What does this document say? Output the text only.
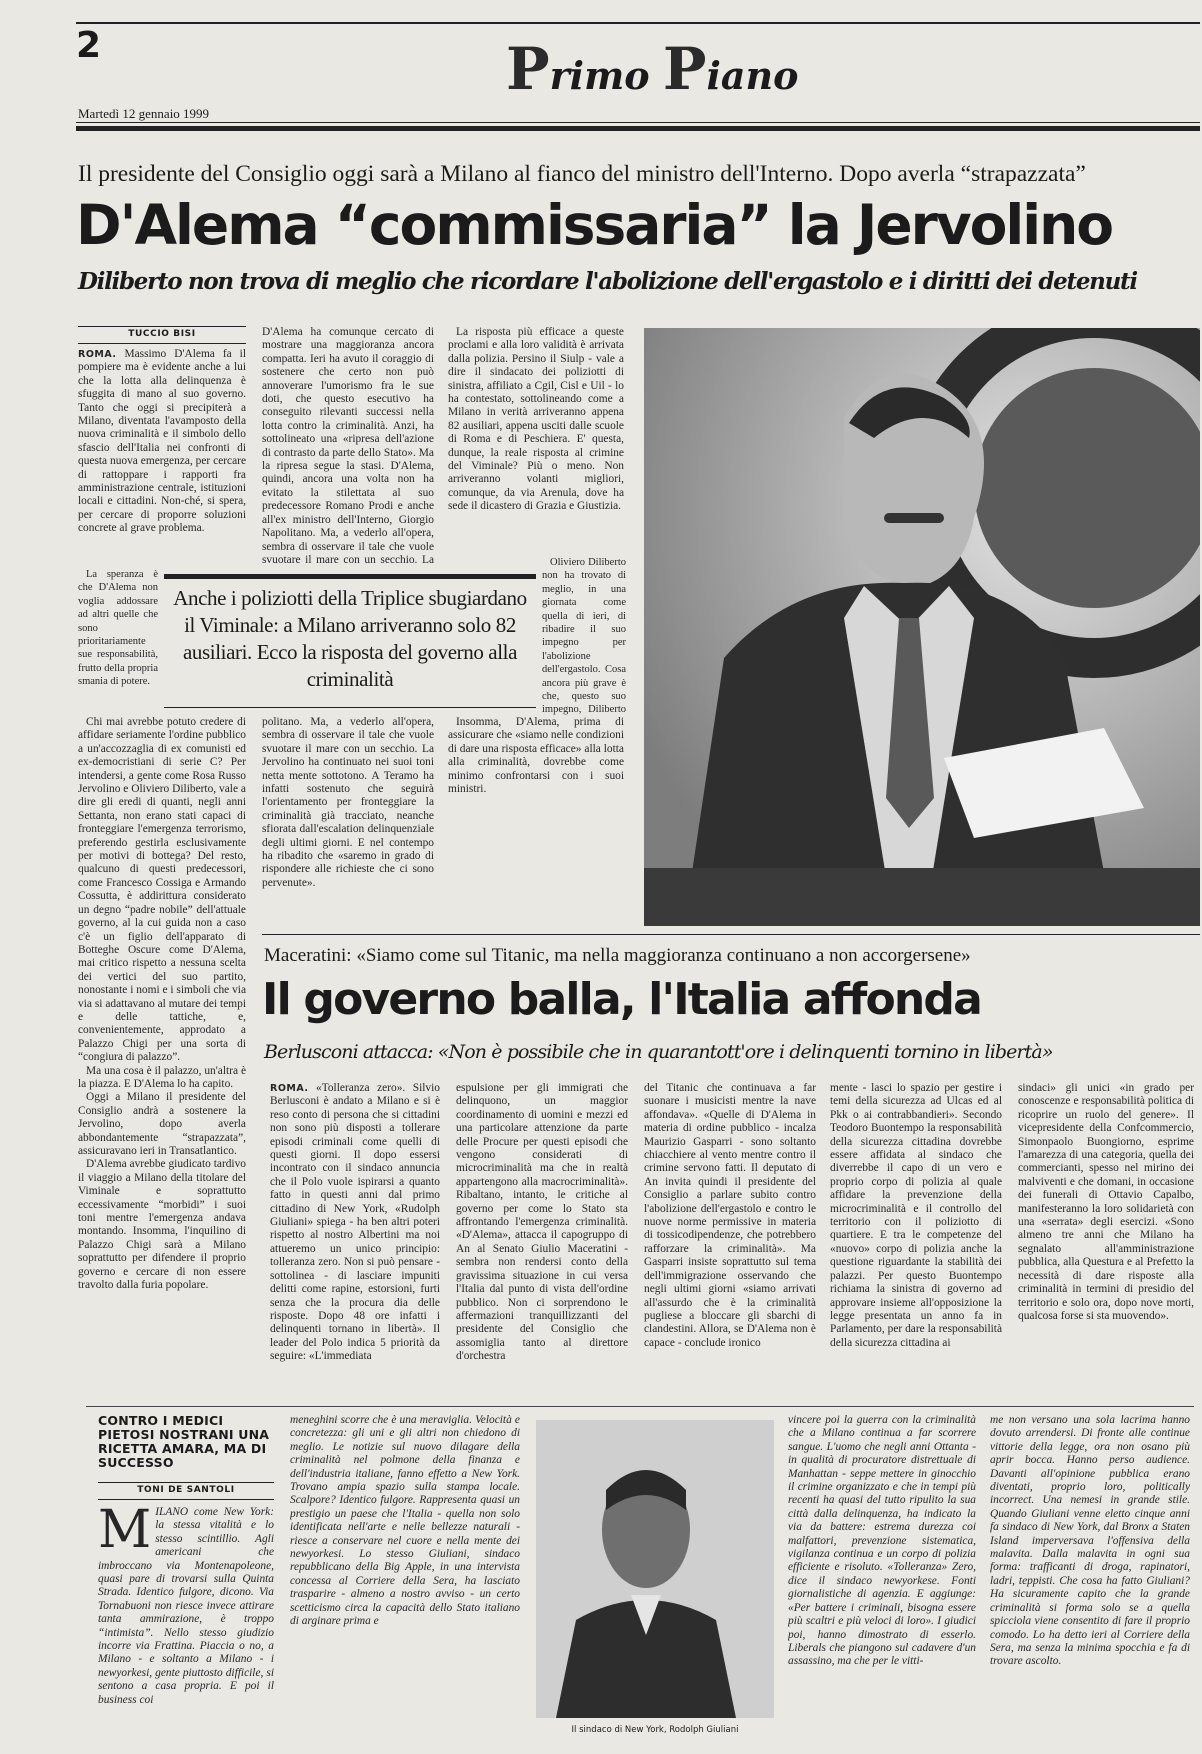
2	Primo Piano
Martedì 12 gennaio 1999
Il presidente del Consiglio oggi sarà a Milano al fianco del ministro dell'Interno. Dopo averla “strapazzata”
D'Alema “commissaria” la Jervolino
Diliberto non trova di meglio che ricordare l'abolizione dell'ergastolo e i diritti dei detenuti
TUCCIO BISI

ROMA. Massimo D'Alema fa il pompiere ma è evidente anche a lui che la lotta alla delinquenza è sfuggita di mano al suo governo. Tanto che oggi si precipiterà a Milano, diventata l'avamposto della nuova criminalità e il simbolo dello sfascio dell'Italia nei confronti di questa nuova emergenza, per cercare di rattoppare i rapporti fra amministrazione centrale, istituzioni locali e cittadini. Non-ché, si spera, per cercare di proporre soluzioni concrete al grave problema.

La speranza è che D'Alema non voglia addossare ad altri quelle che sono prioritariamente sue responsabilità, frutto della propria smania di potere.

Chi mai avrebbe potuto credere di affidare seriamente l'ordine pubblico a un'accozzaglia di ex comunisti ed ex-democristiani di serie C? Per intendersi, a gente come Rosa Russo Jervolino e Oliviero Diliberto, vale a dire gli eredi di quanti, negli anni Settanta, non erano stati capaci di fronteggiare l'emergenza terrorismo, preferendo gestirla esclusivamente per motivi di bottega? Del resto, qualcuno di questi predecessori, come Francesco Cossiga e Armando Cossutta, è addirittura considerato un degno “padre nobile” dell'attuale governo, al la cui guida non a caso c'è un figlio dell'apparato di Botteghe Oscure come D'Alema, mai critico rispetto a nessuna scelta dei vertici del suo partito, nonostante i nomi e i simboli che via via si adattavano al mutare dei tempi e delle tattiche, e, convenientemente, approdato a Palazzo Chigi per una sorta di “congiura di palazzo”.

Ma una cosa è il palazzo, un'altra è la piazza. E D'Alema lo ha capito.

Oggi a Milano il presidente del Consiglio andrà a sostenere la Jervolino, dopo averla abbondantemente “strapazzata”, assicuravano ieri in Transatlantico.

D'Alema avrebbe giudicato tardivo il viaggio a Milano della titolare del Viminale e soprattutto eccessivamente “morbidi” i suoi toni mentre l'emergenza andava montando. Insomma, l'inquilino di Palazzo Chigi sarà a Milano soprattutto per difendere il proprio governo e cercare di non essere travolto dalla furia popolare.

D'Alema ha comunque cercato di mostrare una maggioranza ancora compatta. Ieri ha avuto il coraggio di sostenere che certo non può annoverare l'umorismo fra le sue doti, che questo esecutivo ha conseguito rilevanti successi nella lotta contro la criminalità. Anzi, ha sottolineato una «ripresa dell'azione di contrasto da parte dello Stato». Ma la ripresa segue la stasi. D'Alema, quindi, ancora una volta non ha evitato la stilettata al suo predecessore Romano Prodi e anche all'ex ministro dell'Interno, Giorgio Napolitano. Ma, a vederlo all'opera, sembra di osservare il tale che vuole svuotare il mare con un secchio. La

politano. Ma, a vederlo all'opera, sembra di osservare il tale che vuole svuotare il mare con un secchio. La Jervolino ha continuato nei suoi toni netta mente sottotono. A Teramo ha infatti sostenuto che seguirà l'orientamento per fronteggiare la criminalità già tracciato, neanche sfiorata dall'escalation delinquenziale degli ultimi giorni. E nel contempo ha ribadito che «saremo in grado di rispondere alle richieste che ci sono pervenute».

La risposta più efficace a queste proclami e alla loro validità è arrivata dalla polizia. Persino il Siulp - vale a dire il sindacato dei poliziotti di sinistra, affiliato a Cgil, Cisl e Uil - lo ha contestato, sottolineando come a Milano in verità arriveranno appena 82 ausiliari, appena usciti dalle scuole di Roma e di Peschiera. E' questa, dunque, la reale risposta al crimine del Viminale? Più o meno. Non arriveranno volanti migliori, comunque, da via Arenula, dove ha sede il dicastero di Grazia e Giustizia.

Oliviero Diliberto non ha trovato di meglio, in una giornata come quella di ieri, di ribadire il suo impegno per l'abolizione dell'ergastolo. Cosa ancora più grave è che, questo suo impegno, Diliberto

Insomma, D'Alema, prima di assicurare che «siamo nelle condizioni di dare una risposta efficace» alla lotta alla criminalità, dovrebbe come minimo confrontarsi con i suoi ministri.

Anche i poliziotti della Triplice sbugiardano il Viminale: a Milano arriveranno solo 82 ausiliari. Ecco la risposta del governo alla criminalità
Maceratini: «Siamo come sul Titanic, ma nella maggioranza continuano a non accorgersene»
Il governo balla, l'Italia affonda
Berlusconi attacca: «Non è possibile che in quarantott'ore i delinquenti tornino in libertà»

ROMA. «Tolleranza zero». Silvio Berlusconi è andato a Milano e si è reso conto di persona che si cittadini non sono più disposti a tollerare episodi criminali come quelli di questi giorni. Il dopo essersi incontrato con il sindaco annuncia che il Polo vuole ispirarsi a quanto fatto in questi anni dal primo cittadino di New York, «Rudolph Giuliani» spiega - ha ben altri poteri rispetto al nostro Albertini ma noi attueremo un unico principio: tolleranza zero. Non si può pensare - sottolinea - di lasciare impuniti delitti come rapine, estorsioni, furti senza che la procura dia delle risposte. Dopo 48 ore infatti i delinquenti tornano in libertà». Il leader del Polo indica 5 priorità da seguire: «L'immediata

espulsione per gli immigrati che delinquono, un maggior coordinamento di uomini e mezzi ed una particolare attenzione da parte delle Procure per questi episodi che vengono considerati di microcriminalità ma che in realtà appartengono alla macrocriminalità». Ribaltano, intanto, le critiche al governo per come lo Stato sta affrontando l'emergenza criminalità. «D'Alema», attacca il capogruppo di An al Senato Giulio Maceratini - sembra non rendersi conto della gravissima situazione in cui versa l'Italia dal punto di vista dell'ordine pubblico. Non ci sorprendono le affermazioni tranquillizzanti del presidente del Consiglio che assomiglia tanto al direttore d'orchestra

del Titanic che continuava a far suonare i musicisti mentre la nave affondava». «Quelle di D'Alema in materia di ordine pubblico - incalza Maurizio Gasparri - sono soltanto chiacchiere al vento mentre contro il crimine servono fatti. Il deputato di An invita quindi il presidente del Consiglio a parlare subito contro l'abolizione dell'ergastolo e contro le nuove norme permissive in materia di tossicodipendenze, che potrebbero rafforzare la criminalità». Ma Gasparri insiste soprattutto sul tema dell'immigrazione osservando che negli ultimi giorni «siamo arrivati all'assurdo che è la criminalità pugliese a bloccare gli sbarchi di clandestini. Allora, se D'Alema non è capace - conclude ironico

mente - lasci lo spazio per gestire i temi della sicurezza ad Ulcas ed al Pkk o ai contrabbandieri». Secondo Teodoro Buontempo la responsabilità della sicurezza cittadina dovrebbe essere affidata al sindaco che diverrebbe il capo di un vero e proprio corpo di polizia al quale affidare la prevenzione della microcriminalità e il controllo del territorio con il poliziotto di quartiere. E tra le competenze del «nuovo» corpo di polizia anche la questione riguardante la stabilità dei palazzi. Per questo Buontempo richiama la sinistra di governo ad approvare insieme all'opposizione la legge presentata un anno fa in Parlamento, per dare la responsabilità della sicurezza cittadina ai

sindaci» gli unici «in grado per conoscenze e responsabilità politica di ricoprire un ruolo del genere». Il vicepresidente della Confcommercio, Simonpaolo Buongiorno, esprime l'amarezza di una categoria, quella dei commercianti, spesso nel mirino dei malviventi e che domani, in occasione dei funerali di Ottavio Capalbo, manifesteranno la loro solidarietà con una «serrata» degli esercizi. «Sono almeno tre anni che Milano ha segnalato all'amministrazione pubblica, alla Questura e al Prefetto la necessità di dare risposte alla criminalità in termini di presidio del territorio e solo ora, dopo nove morti, qualcosa forse si sta muovendo».

CONTRO I MEDICI PIETOSI NOSTRANI UNA RICETTA AMARA, MA DI SUCCESSO
TONI DE SANTOLI
MILANO come New York: la stessa vitalità e lo stesso scintillio. Agli americani che imbroccano via Montenapoleone, quasi pare di trovarsi sulla Quinta Strada. Identico fulgore, dicono. Via Tornabuoni non riesce invece attirare tanta ammirazione, è troppo “intimista”. Nello stesso giudizio incorre via Frattina. Piaccia o no, a Milano - e soltanto a Milano - i newyorkesi, gente piuttosto difficile, si sentono a casa propria. E poi il business coi

meneghini scorre che è una meraviglia. Velocità e concretezza: gli uni e gli altri non chiedono di meglio. Le notizie sul nuovo dilagare della criminalità nel polmone della finanza e dell'industria italiane, fanno effetto a New York. Trovano ampia spazio sulla stampa locale. Scalpore? Identico fulgore. Rappresenta quasi un prestigio un paese che l'Italia - quella non solo identificata nell'arte e nelle bellezze naturali - riesce a conservare nel cuore e nella mente dei newyorkesi. Lo stesso Giuliani, sindaco repubblicano della Big Apple, in una intervista concessa al Corriere della Sera, ha lasciato trasparire - almeno a nostro avviso - un certo scetticismo circa la capacità dello Stato italiano di arginare prima e

Il sindaco di New York, Rodolph Giuliani

vincere poi la guerra con la criminalità che a Milano continua a far scorrere sangue. L'uomo che negli anni Ottanta - in qualità di procuratore distrettuale di Manhattan - seppe mettere in ginocchio il crimine organizzato e che in tempi più recenti ha quasi del tutto ripulito la sua città dalla delinquenza, ha indicato la via da battere: estrema durezza coi malfattori, prevenzione sistematica, vigilanza continua e un corpo di polizia efficiente e risoluto. «Tolleranza» Zero, dice il sindaco newyorkese. Fonti giornalistiche di agenzia. E aggiunge: «Per battere i criminali, bisogna essere più scaltri e più veloci di loro». I giudici poi, hanno dimostrato di esserlo. Liberals che piangono sul cadavere d'un assassino, ma che per le vitti-

me non versano una sola lacrima hanno dovuto arrendersi. Di fronte alle continue vittorie della legge, ora non osano più aprir bocca. Hanno perso audience. Davanti all'opinione pubblica erano diventati, proprio loro, politically incorrect. Una nemesi in grande stile. Quando Giuliani venne eletto cinque anni fa sindaco di New York, dal Bronx a Staten Island imperversava l'offensiva della malavita. Dalla malavita in ogni sua forma: trafficanti di droga, rapinatori, ladri, teppisti. Che cosa ha fatto Giuliani? Ha sicuramente capito che la grande criminalità si forma solo se a quella spicciola viene consentito di fare il proprio comodo. Lo ha detto ieri al Corriere della Sera, ma senza la minima spocchia e fa di trovare ascolto.
